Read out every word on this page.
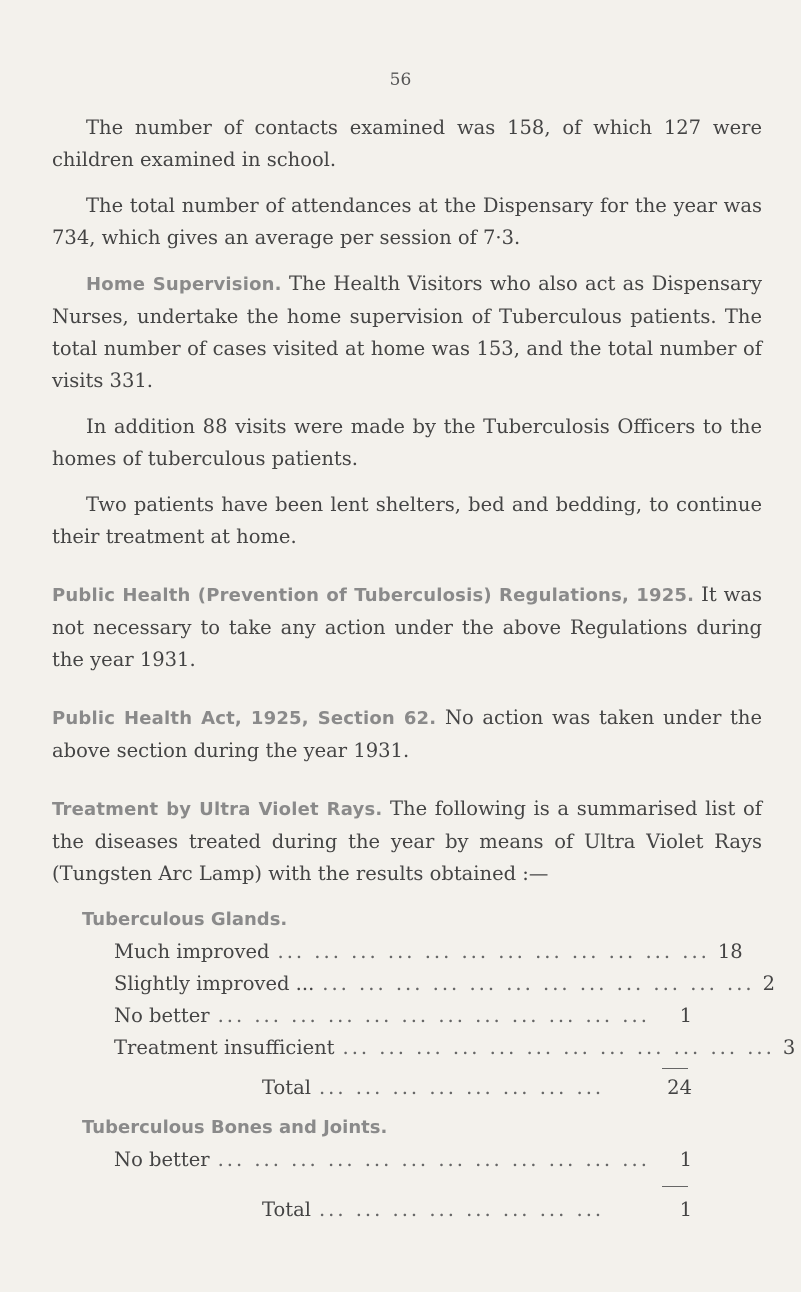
56

The number of contacts examined was 158, of which 127 were children examined in school.

The total number of attendances at the Dispensary for the year was 734, which gives an average per session of 7·3.

Home Supervision. The Health Visitors who also act as Dispensary Nurses, undertake the home supervision of Tuberculous patients. The total number of cases visited at home was 153, and the total number of visits 331.

In addition 88 visits were made by the Tuberculosis Officers to the homes of tuberculous patients.

Two patients have been lent shelters, bed and bedding, to continue their treatment at home.

Public Health (Prevention of Tuberculosis) Regulations, 1925. It was not necessary to take any action under the above Regulations during the year 1931.

Public Health Act, 1925, Section 62. No action was taken under the above section during the year 1931.

Treatment by Ultra Violet Rays. The following is a summarised list of the diseases treated during the year by means of Ultra Violet Rays (Tungsten Arc Lamp) with the results obtained :—

Tuberculous Glands.
Much improved ... ... ... ... ... ... ... ... ... ... ... ... 18
Slightly improved ... ... ... ... ... ... ... ... ... ... ... ... ... 2
No better ... ... ... ... ... ... ... ... ... ... ... ...	1
Treatment insufficient ... ... ... ... ... ... ... ... ... ... ... ... 3
Total ... ... ... ... ... ... ... ...	24
Tuberculous Bones and Joints.
No better ... ... ... ... ... ... ... ... ... ... ... ...	1
Total ... ... ... ... ... ... ... ...	1
